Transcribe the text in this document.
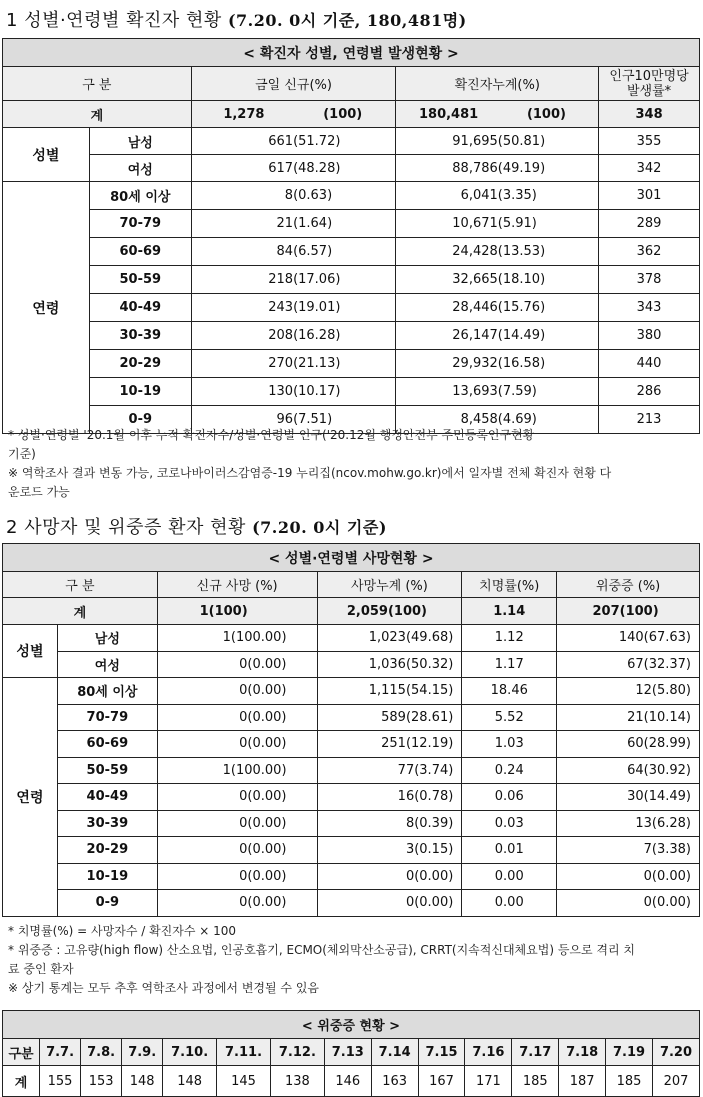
1 성별·연령별 확진자 현황 (7.20. 0시 기준, 180,481명)
< 확진자 성별, 연령별 발생현황 >						
구 분		금일 신규(%)		확진자누계(%)		인구10만명당 발생률*
계		1,278	(100)	180,481	(100)	348
성별	남성	661	(51.72)	91,695	(50.81)	355
	여성	617	(48.28)	88,786	(49.19)	342
연령	80세 이상	8	(0.63)	6,041	(3.35)	301
	70-79	21	(1.64)	10,671	(5.91)	289
	60-69	84	(6.57)	24,428	(13.53)	362
	50-59	218	(17.06)	32,665	(18.10)	378
	40-49	243	(19.01)	28,446	(15.76)	343
	30-39	208	(16.28)	26,147	(14.49)	380
	20-29	270	(21.13)	29,932	(16.58)	440
	10-19	130	(10.17)	13,693	(7.59)	286
	0-9	96	(7.51)	8,458	(4.69)	213
* 성별·연령별 '20.1월 이후 누적 확진자수/성별·연령별 인구('20.12월 행정안전부 주민등록인구현황
기준)
※ 역학조사 결과 변동 가능, 코로나바이러스감염증-19 누리집(ncov.mohw.go.kr)에서 일자별 전체 확진자 현황 다
운로드 가능
2 사망자 및 위중증 환자 현황 (7.20. 0시 기준)
< 성별·연령별 사망현황 >					
구 분		신규 사망 (%)	사망누계 (%)	치명률(%)	위중증 (%)
계		1(100)	2,059(100)	1.14	207(100)
성별	남성	1(100.00)	1,023(49.68)	1.12	140(67.63)
	여성	0(0.00)	1,036(50.32)	1.17	67(32.37)
연령	80세 이상	0(0.00)	1,115(54.15)	18.46	12(5.80)
	70-79	0(0.00)	589(28.61)	5.52	21(10.14)
	60-69	0(0.00)	251(12.19)	1.03	60(28.99)
	50-59	1(100.00)	77(3.74)	0.24	64(30.92)
	40-49	0(0.00)	16(0.78)	0.06	30(14.49)
	30-39	0(0.00)	8(0.39)	0.03	13(6.28)
	20-29	0(0.00)	3(0.15)	0.01	7(3.38)
	10-19	0(0.00)	0(0.00)	0.00	0(0.00)
	0-9	0(0.00)	0(0.00)	0.00	0(0.00)
* 치명률(%) = 사망자수 / 확진자수 × 100
* 위중증 : 고유량(high flow) 산소요법, 인공호흡기, ECMO(체외막산소공급), CRRT(지속적신대체요법) 등으로 격리 치
료 중인 환자
※ 상기 통계는 모두 추후 역학조사 과정에서 변경될 수 있음
< 위중증 현황 >														
구분	7.7.	7.8.	7.9.	7.10.	7.11.	7.12.	7.13	7.14	7.15	7.16	7.17	7.18	7.19	7.20
계	155	153	148	148	145	138	146	163	167	171	185	187	185	207
